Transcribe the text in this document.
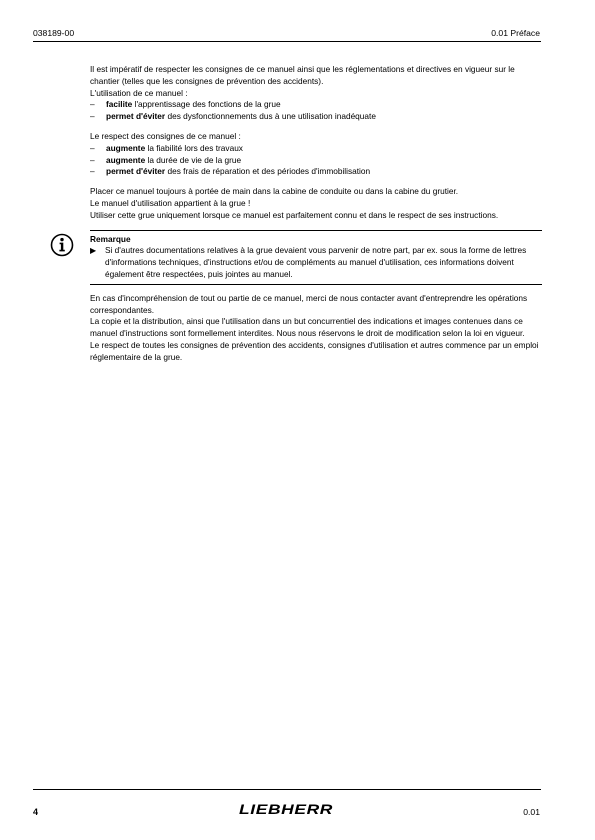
038189-00	0.01 Préface

Il est impératif de respecter les consignes de ce manuel ainsi que les réglementations et directives en vigueur sur le chantier (telles que les consignes de prévention des accidents).

L'utilisation de ce manuel :

–	facilite l'apprentissage des fonctions de la grue
–	permet d'éviter des dysfonctionnements dus à une utilisation inadéquate

Le respect des consignes de ce manuel :

–	augmente la fiabilité lors des travaux
–	augmente la durée de vie de la grue
–	permet d'éviter des frais de réparation et des périodes d'immobilisation

Placer ce manuel toujours à portée de main dans la cabine de conduite ou dans la cabine du grutier.

Le manuel d'utilisation appartient à la grue !

Utiliser cette grue uniquement lorsque ce manuel est parfaitement connu et dans le respect de ses instructions.

Remarque
▶	Si d'autres documentations relatives à la grue devaient vous parvenir de notre part, par ex. sous la forme de lettres d'informations techniques, d'instructions et/ou de compléments au manuel d'utilisation, ces informations doivent également être respectées, puis jointes au manuel.

En cas d'incompréhension de tout ou partie de ce manuel, merci de nous contacter avant d'entreprendre les opérations correspondantes.

La copie et la distribution, ainsi que l'utilisation dans un but concurrentiel des indications et images contenues dans ce manuel d'instructions sont formellement interdites. Nous nous réservons le droit de modification selon la loi en vigueur.

Le respect de toutes les consignes de prévention des accidents, consignes d'utilisation et autres commence par un emploi réglementaire de la grue.

4	LIEBHERR	0.01
